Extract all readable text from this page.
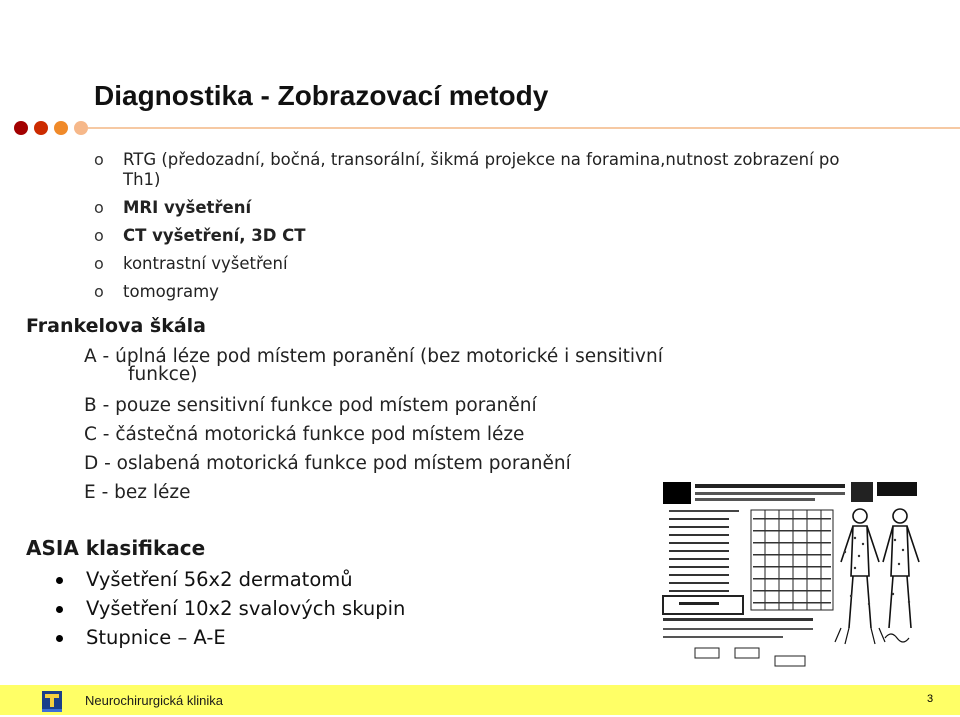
Diagnostika - Zobrazovací metody
o RTG (předozadní, bočná, transorální, šikmá projekce na foramina,nutnost zobrazení po Th1)
o MRI vyšetření
o CT vyšetření, 3D CT
o kontrastní vyšetření
o tomogramy
Frankelova škála
A - úplná léze pod místem poranění (bez motorické i sensitivní
funkce)
B - pouze sensitivní funkce pod místem poranění
C - částečná motorická funkce pod místem léze
D - oslabená motorická funkce pod místem poranění
E - bez léze
ASIA klasifikace
Vyšetření 56x2 dermatomů
Vyšetření 10x2 svalových skupin
Stupnice – A-E
Neurochirurgická klinika	3
